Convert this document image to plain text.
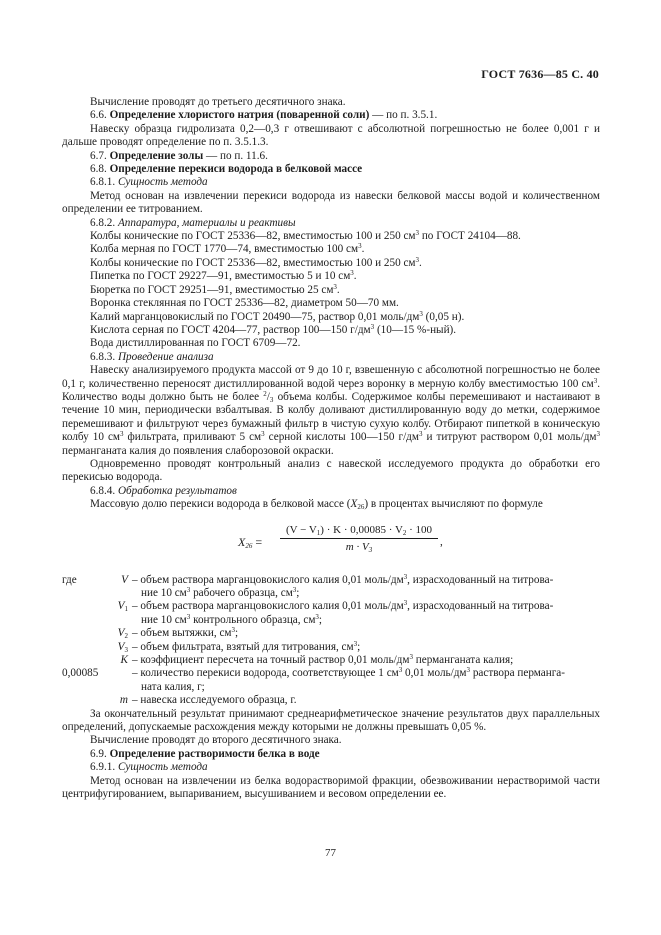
ГОСТ 7636—85 С. 40

Вычисление проводят до третьего десятичного знака.

6.6. Определение хлористого натрия (поваренной соли) — по п. 3.5.1.

Навеску образца гидролизата 0,2—0,3 г отвешивают с абсолютной погрешностью не более 0,001 г и дальше проводят определение по п. 3.5.1.3.

6.7. Определение золы — по п. 11.6.

6.8. Определение перекиси водорода в белковой массе

6.8.1. Сущность метода

Метод основан на извлечении перекиси водорода из навески белковой массы водой и количественном определении ее титрованием.

6.8.2. Аппаратура, материалы и реактивы

Колбы конические по ГОСТ 25336—82, вместимостью 100 и 250 $см^3$ по ГОСТ 24104—88.

Колба мерная по ГОСТ 1770—74, вместимостью 100 $см^3$.

Колбы конические по ГОСТ 25336—82, вместимостью 100 и 250 $см^3$.

Пипетка по ГОСТ 29227—91, вместимостью 5 и 10 $см^3$.

Бюретка по ГОСТ 29251—91, вместимостью 25 $см^3$.

Воронка стеклянная по ГОСТ 25336—82, диаметром 50—70 мм.

Калий марганцовокислый по ГОСТ 20490—75, раствор 0,01 моль/$дм^3$ (0,05 н).

Кислота серная по ГОСТ 4204—77, раствор 100—150 $г/дм^3$ (10—15 %-ный).

Вода дистиллированная по ГОСТ 6709—72.

6.8.3. Проведение анализа

Навеску анализируемого продукта массой от 9 до 10 г, взвешенную с абсолютной погрешностью не более 0,1 г, количественно переносят дистиллированной водой через воронку в мерную колбу вместимостью 100 $см^3$. Количество воды должно быть не более $^2/_3$ объема колбы. Содержимое колбы перемешивают и настаивают в течение 10 мин, периодически взбалтывая. В колбу доливают дистиллированную воду до метки, содержимое перемешивают и фильтруют через бумажный фильтр в чистую сухую колбу. Отбирают пипеткой в коническую колбу 10 $см^3$ фильтрата, приливают 5 $см^3$ серной кислоты 100—150 $г/дм^3$ и титруют раствором 0,01 моль/$дм^3$ перманганата калия до появления слаборозовой окраски.

Одновременно проводят контрольный анализ с навеской исследуемого продукта до обработки его перекисью водорода.

6.8.4. Обработка результатов

Массовую долю перекиси водорода в белковой массе $(X_{26})$ в процентах вычисляют по формуле

$X_{26} = \frac{(V - V_1) \cdot K \cdot 0,00085 \cdot V_2 \cdot 100}{m \cdot V_3}$ ,
где	V – объем раствора марганцовокислого калия 0,01 моль/$дм^3$, израсходованный на титрова-
ние 10 $см^3$ рабочего образца, $см^3$;
$V_1$ – объем раствора марганцовокислого калия 0,01 моль/$дм^3$, израсходованный на титрова-
ние 10 $см^3$ контрольного образца, $см^3$;
$V_2$ – объем вытяжки, $см^3$;
$V_3$ – объем фильтрата, взятый для титрования, $см^3$;
K – коэффициент пересчета на точный раствор 0,01 моль/$дм^3$ перманганата калия;
0,00085	– количество перекиси водорода, соответствующее 1 $см^3$ 0,01 моль/$дм^3$ раствора перманга-
ната калия, г;
m – навеска исследуемого образца, г.

За окончательный результат принимают среднеарифметическое значение результатов двух параллельных определений, допускаемые расхождения между которыми не должны превышать 0,05 %.

Вычисление проводят до второго десятичного знака.

6.9. Определение растворимости белка в воде

6.9.1. Сущность метода

Метод основан на извлечении из белка водорастворимой фракции, обезвоживании нерастворимой части центрифугированием, выпариванием, высушиванием и весовом определении ее.

77
